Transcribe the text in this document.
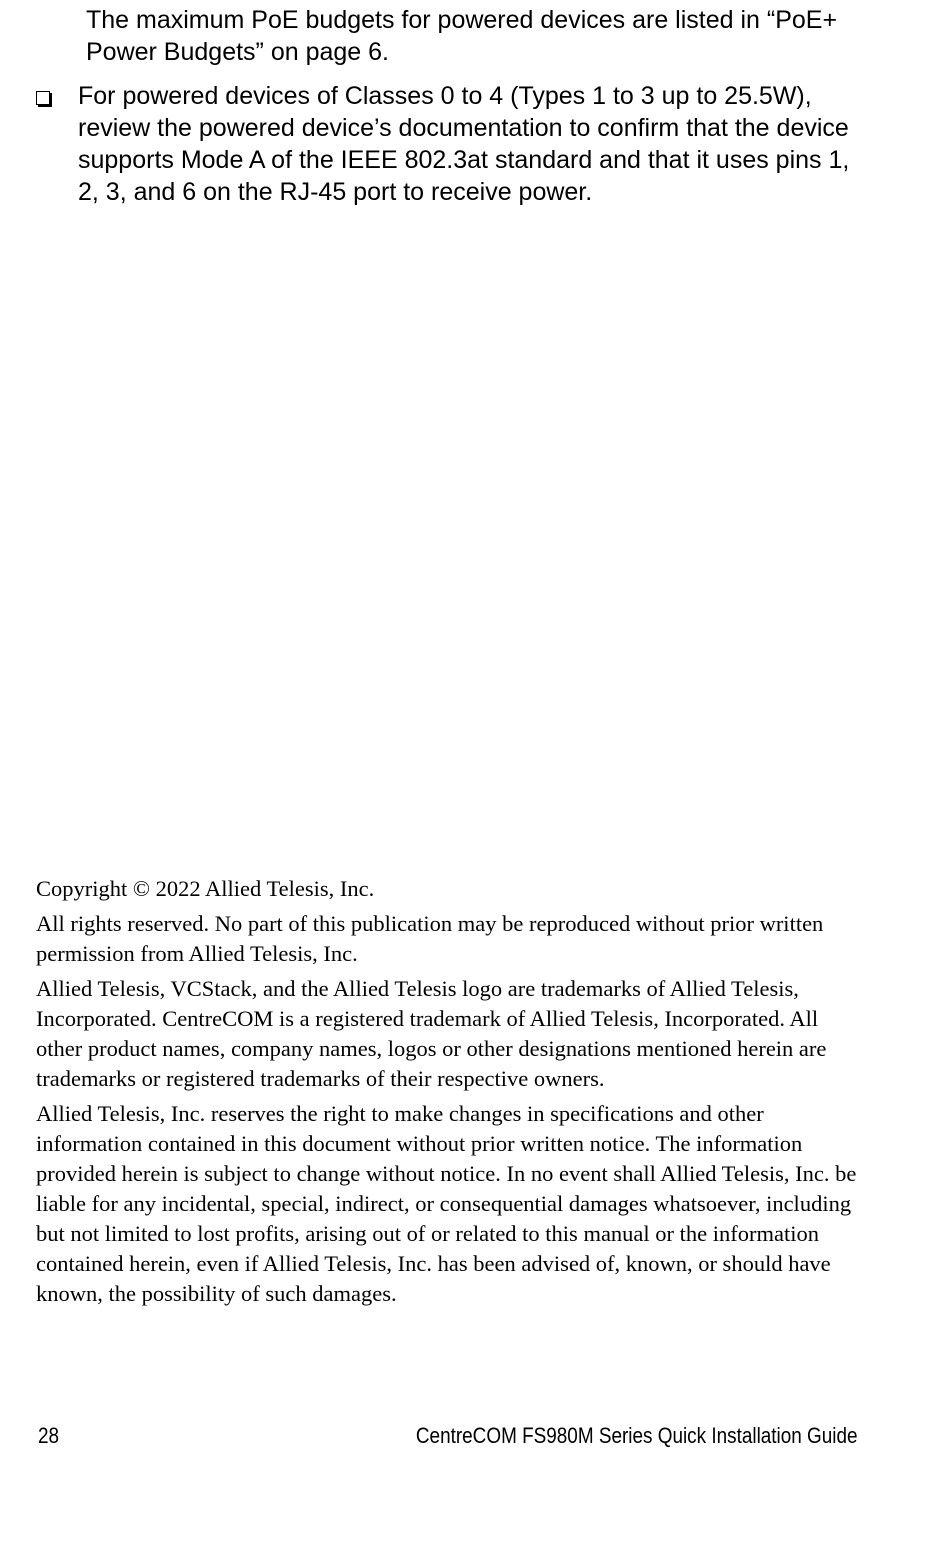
The maximum PoE budgets for powered devices are listed in “PoE+ Power Budgets” on page 6.

For powered devices of Classes 0 to 4 (Types 1 to 3 up to 25.5W), review the powered device’s documentation to confirm that the device supports Mode A of the IEEE 802.3at standard and that it uses pins 1, 2, 3, and 6 on the RJ-45 port to receive power.

Copyright © 2022 Allied Telesis, Inc.

All rights reserved. No part of this publication may be reproduced without prior written permission from Allied Telesis, Inc.

Allied Telesis, VCStack, and the Allied Telesis logo are trademarks of Allied Telesis, Incorporated. CentreCOM is a registered trademark of Allied Telesis, Incorporated. All other product names, company names, logos or other designations mentioned herein are trademarks or registered trademarks of their respective owners.

Allied Telesis, Inc. reserves the right to make changes in specifications and other information contained in this document without prior written notice. The information provided herein is subject to change without notice. In no event shall Allied Telesis, Inc. be liable for any incidental, special, indirect, or consequential damages whatsoever, including but not limited to lost profits, arising out of or related to this manual or the information contained herein, even if Allied Telesis, Inc. has been advised of, known, or should have known, the possibility of such damages.

28	CentreCOM FS980M Series Quick Installation Guide
